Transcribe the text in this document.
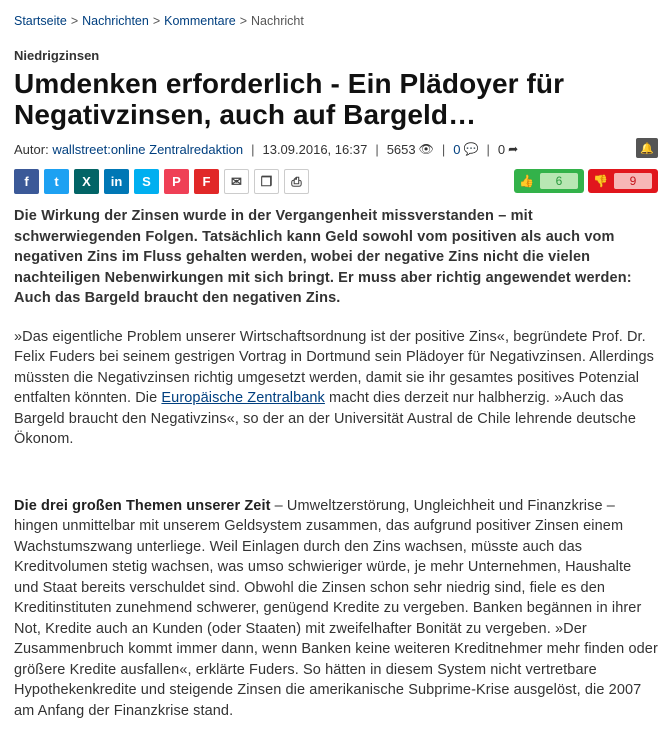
Startseite > Nachrichten > Kommentare > Nachricht
Niedrigzinsen
Umdenken erforderlich - Ein Plädoyer für Negativzinsen, auch auf Bargeld…
Autor:
wallstreet:online Zentralredaktion | 13.09.2016, 16:37 | 5653 👁 | 0 💬 | 0 ➦	🔔
f	t	X	in	S	P	F	✉	❐	⎙	👍	6	👎	9
Die Wirkung der Zinsen wurde in der Vergangenheit missverstanden – mit schwerwiegenden Folgen. Tatsächlich kann Geld sowohl vom positiven als auch vom negativen Zins im Fluss gehalten werden, wobei der negative Zins nicht die vielen nachteiligen Nebenwirkungen mit sich bringt. Er muss aber richtig angewendet werden: Auch das Bargeld braucht den negativen Zins.
»Das eigentliche Problem unserer Wirtschaftsordnung ist der positive Zins«, begründete Prof. Dr. Felix Fuders bei seinem gestrigen Vortrag in Dortmund sein Plädoyer für Negativzinsen. Allerdings müssten die Negativzinsen richtig umgesetzt werden, damit sie ihr gesamtes positives Potenzial entfalten könnten. Die Europäische Zentralbank macht dies derzeit nur halbherzig. »Auch das Bargeld braucht den Negativzins«, so der an der Universität Austral de Chile lehrende deutsche Ökonom.
Die drei großen Themen unserer Zeit – Umweltzerstörung, Ungleichheit und Finanzkrise – hingen unmittelbar mit unserem Geldsystem zusammen, das aufgrund positiver Zinsen einem Wachstumszwang unterliege. Weil Einlagen durch den Zins wachsen, müsste auch das Kreditvolumen stetig wachsen, was umso schwieriger würde, je mehr Unternehmen, Haushalte und Staat bereits verschuldet sind. Obwohl die Zinsen schon sehr niedrig sind, fiele es den Kreditinstituten zunehmend schwerer, genügend Kredite zu vergeben. Banken begännen in ihrer Not, Kredite auch an Kunden (oder Staaten) mit zweifelhafter Bonität zu vergeben. »Der Zusammenbruch kommt immer dann, wenn Banken keine weiteren Kreditnehmer mehr finden oder größere Kredite ausfallen«, erklärte Fuders. So hätten in diesem System nicht vertretbare Hypothekenkredite und steigende Zinsen die amerikanische Subprime-Krise ausgelöst, die 2007 am Anfang der Finanzkrise stand.
